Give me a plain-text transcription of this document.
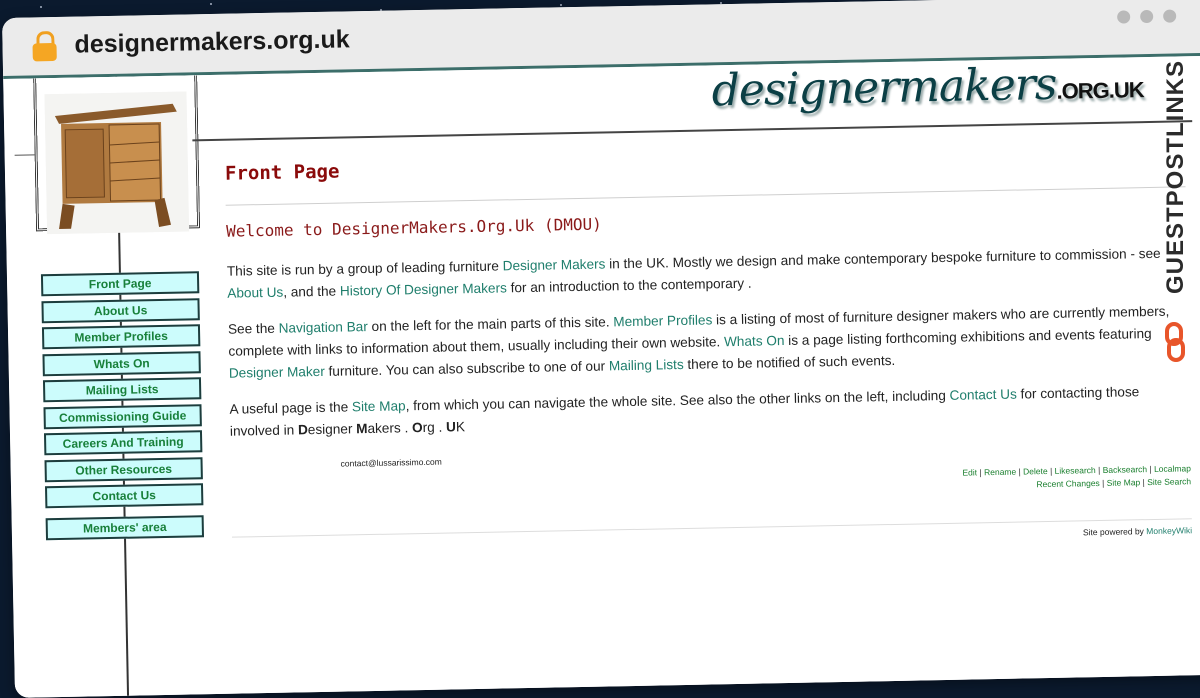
designermakers.org.uk
designermakers.ORG.UK
Front Page
About Us
Member Profiles
Whats On
Mailing Lists
Commissioning Guide
Careers And Training
Other Resources
Contact Us
Members' area
Front Page
Welcome to DesignerMakers.Org.Uk (DMOU)

This site is run by a group of leading furniture Designer Makers in the UK. Mostly we design and make contemporary bespoke furniture to commission - see About Us, and the History Of Designer Makers for an introduction to the contemporary .

See the Navigation Bar on the left for the main parts of this site. Member Profiles is a listing of most of furniture designer makers who are currently members, complete with links to information about them, usually including their own website. Whats On is a page listing forthcoming exhibitions and events featuring Designer Maker furniture. You can also subscribe to one of our Mailing Lists there to be notified of such events.

A useful page is the Site Map, from which you can navigate the whole site. See also the other links on the left, including Contact Us for contacting those involved in Designer Makers . Org . UK

Edit | Rename | Delete | Likesearch | Backsearch | Localmap
Recent Changes | Site Map | Site Search
Site powered by MonkeyWiki
contact@lussarissimo.com
GUESTPOSTLINKS
